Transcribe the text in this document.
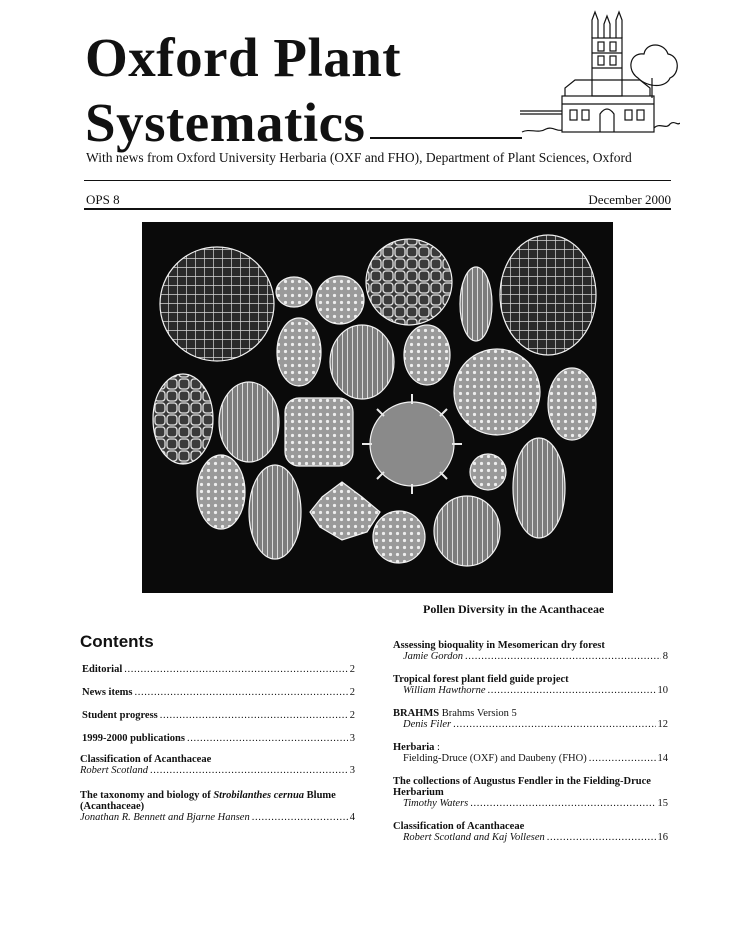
Oxford Plant
Systematics
With news from Oxford University Herbaria (OXF and FHO), Department of Plant Sciences, Oxford
OPS 8	December 2000
Pollen Diversity in the Acanthaceae
Contents
Editorial . . .	2
News items . . .	2
Student progress . . .	2
1999-2000 publications . . .	3
Classification of Acanthaceae
Robert Scotland . . .	3
The taxonomy and biology of Strobilanthes cernua Blume
(Acanthaceae)
Jonathan R. Bennett and Bjarne Hansen . . .	4
Assessing bioquality in Mesomerican dry forest
Jamie Gordon . . .	8
Tropical forest plant field guide project
William Hawthorne . . .	10
BRAHMS Brahms Version 5
Denis Filer . . .	12
Herbaria :
Fielding-Druce (OXF) and Daubeny (FHO) . . .	14
The collections of Augustus Fendler in the Fielding-Druce
Herbarium
Timothy Waters . . .	15
Classification of Acanthaceae
Robert Scotland and Kaj Vollesen . . .	16
